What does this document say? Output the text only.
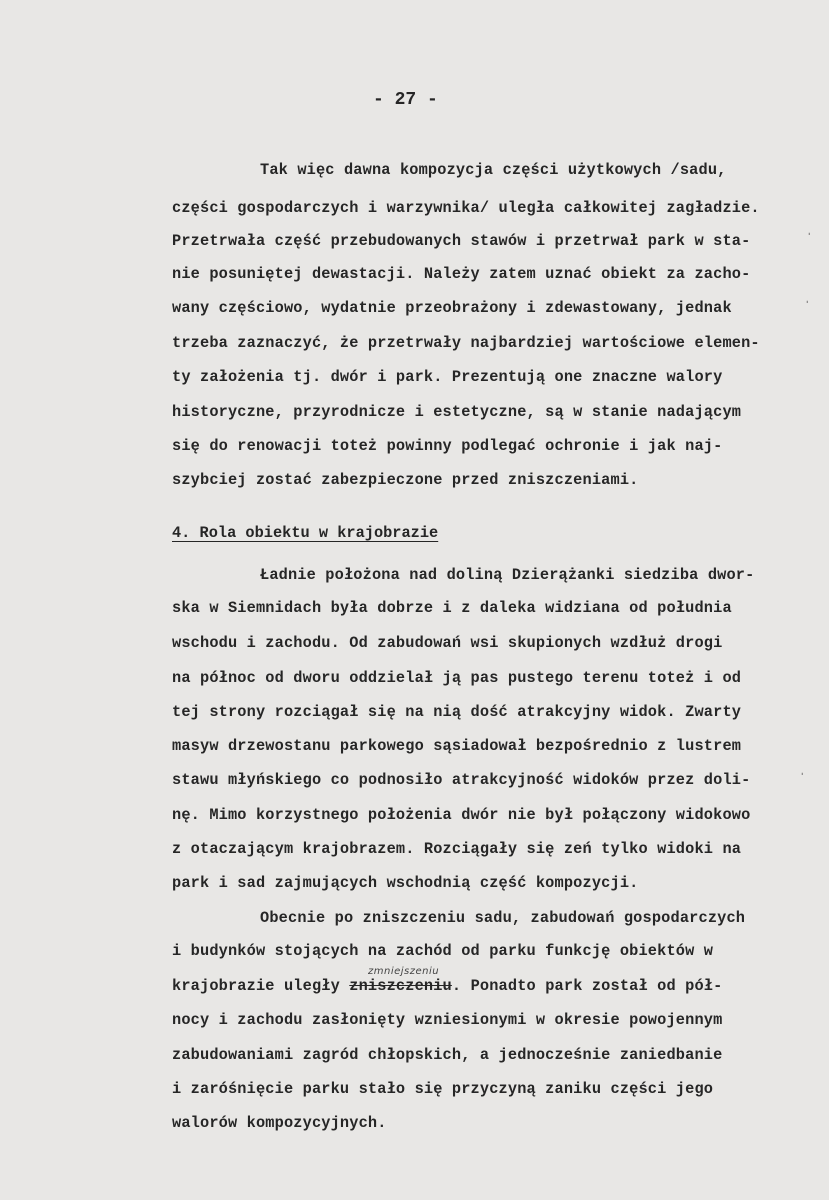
- 27 -
Tak więc dawna kompozycja części użytkowych /sadu,
części gospodarczych i warzywnika/ uległa całkowitej zagładzie.
Przetrwała część przebudowanych stawów i przetrwał park w sta-
nie posuniętej dewastacji. Należy zatem uznać obiekt za zacho-
wany częściowo, wydatnie przeobrażony i zdewastowany, jednak
trzeba zaznaczyć, że przetrwały najbardziej wartościowe elemen-
ty założenia tj. dwór i park. Prezentują one znaczne walory
historyczne, przyrodnicze i estetyczne, są w stanie nadającym
się do renowacji toteż powinny podlegać ochronie i jak naj-
szybciej zostać zabezpieczone przed zniszczeniami.
4. Rola obiektu w krajobrazie
Ładnie położona nad doliną Dzierążanki siedziba dwor-
ska w Siemnidach była dobrze i z daleka widziana od południa
wschodu i zachodu. Od zabudowań wsi skupionych wzdłuż drogi
na północ od dworu oddzielał ją pas pustego terenu toteż i od
tej strony rozciągał się na nią dość atrakcyjny widok. Zwarty
masyw drzewostanu parkowego sąsiadował bezpośrednio z lustrem
stawu młyńskiego co podnosiło atrakcyjność widoków przez doli-
nę. Mimo korzystnego położenia dwór nie był połączony widokowo
z otaczającym krajobrazem. Rozciągały się zeń tylko widoki na
park i sad zajmujących wschodnią część kompozycji.
Obecnie po zniszczeniu sadu, zabudowań gospodarczych
i budynków stojących na zachód od parku funkcję obiektów w
zmniejszeniu
krajobrazie uległy zniszczeniu. Ponadto park został od pół-
nocy i zachodu zasłonięty wzniesionymi w okresie powojennym
zabudowaniami zagród chłopskich, a jednocześnie zaniedbanie
i zaróśnięcie parku stało się przyczyną zaniku części jego
walorów kompozycyjnych.
ˈ
ˈ
ˈ
